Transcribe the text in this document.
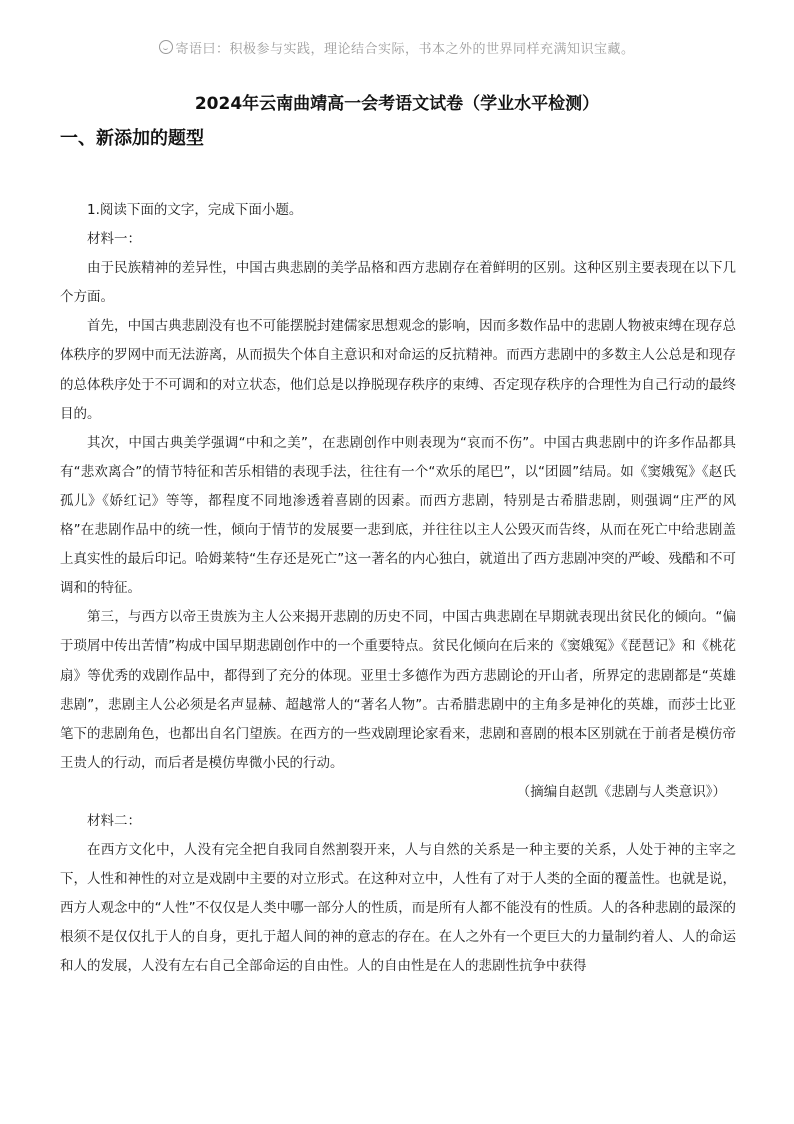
寄语曰：积极参与实践，理论结合实际，书本之外的世界同样充满知识宝藏。
2024年云南曲靖高一会考语文试卷（学业水平检测）
一、新添加的题型

1.阅读下面的文字，完成下面小题。

材料一：

由于民族精神的差异性，中国古典悲剧的美学品格和西方悲剧存在着鲜明的区别。这种区别主要表现在以下几个方面。

首先，中国古典悲剧没有也不可能摆脱封建儒家思想观念的影响，因而多数作品中的悲剧人物被束缚在现存总体秩序的罗网中而无法游离，从而损失个体自主意识和对命运的反抗精神。而西方悲剧中的多数主人公总是和现存的总体秩序处于不可调和的对立状态，他们总是以挣脱现存秩序的束缚、否定现存秩序的合理性为自己行动的最终目的。

其次，中国古典美学强调“中和之美”，在悲剧创作中则表现为“哀而不伤”。中国古典悲剧中的许多作品都具有“悲欢离合”的情节特征和苦乐相错的表现手法，往往有一个“欢乐的尾巴”，以“团圆”结局。如《窦娥冤》《赵氏孤儿》《娇红记》等等，都程度不同地渗透着喜剧的因素。而西方悲剧，特别是古希腊悲剧，则强调“庄严的风格”在悲剧作品中的统一性，倾向于情节的发展要一悲到底，并往往以主人公毁灭而告终，从而在死亡中给悲剧盖上真实性的最后印记。哈姆莱特“生存还是死亡”这一著名的内心独白，就道出了西方悲剧冲突的严峻、残酷和不可调和的特征。

第三，与西方以帝王贵族为主人公来揭开悲剧的历史不同，中国古典悲剧在早期就表现出贫民化的倾向。“偏于琐屑中传出苦情”构成中国早期悲剧创作中的一个重要特点。贫民化倾向在后来的《窦娥冤》《琵琶记》和《桃花扇》等优秀的戏剧作品中，都得到了充分的体现。亚里士多德作为西方悲剧论的开山者，所界定的悲剧都是“英雄悲剧”，悲剧主人公必须是名声显赫、超越常人的“著名人物”。古希腊悲剧中的主角多是神化的英雄，而莎士比亚笔下的悲剧角色，也都出自名门望族。在西方的一些戏剧理论家看来，悲剧和喜剧的根本区别就在于前者是模仿帝王贵人的行动，而后者是模仿卑微小民的行动。

（摘编自赵凯《悲剧与人类意识》）

材料二：

在西方文化中，人没有完全把自我同自然割裂开来，人与自然的关系是一种主要的关系，人处于神的主宰之下，人性和神性的对立是戏剧中主要的对立形式。在这种对立中，人性有了对于人类的全面的覆盖性。也就是说，西方人观念中的“人性”不仅仅是人类中哪一部分人的性质，而是所有人都不能没有的性质。人的各种悲剧的最深的根须不是仅仅扎于人的自身，更扎于超人间的神的意志的存在。在人之外有一个更巨大的力量制约着人、人的命运和人的发展，人没有左右自己全部命运的自由性。人的自由性是在人的悲剧性抗争中获得
